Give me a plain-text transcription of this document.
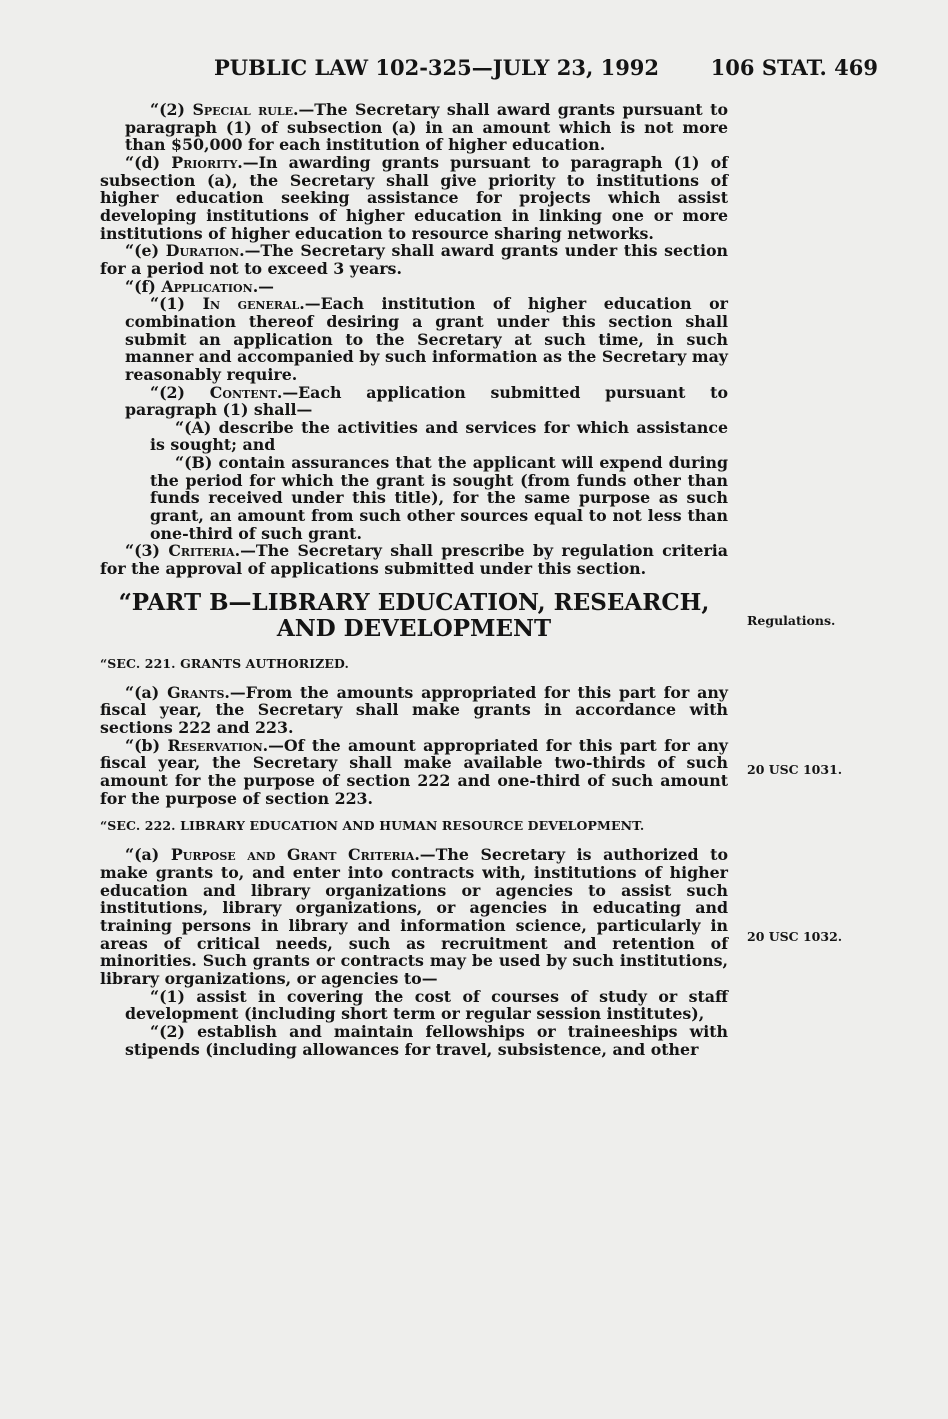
PUBLIC LAW 102-325—JULY 23, 1992 106 STAT. 469

“(2) Special rule.—The Secretary shall award grants pursuant to paragraph (1) of subsection (a) in an amount which is not more than $50,000 for each institution of higher education.

“(d) Priority.—In awarding grants pursuant to paragraph (1) of subsection (a), the Secretary shall give priority to institutions of higher education seeking assistance for projects which assist developing institutions of higher education in linking one or more institutions of higher education to resource sharing networks.

“(e) Duration.—The Secretary shall award grants under this section for a period not to exceed 3 years.

“(f) Application.—

“(1) In general.—Each institution of higher education or combination thereof desiring a grant under this section shall submit an application to the Secretary at such time, in such manner and accompanied by such information as the Secretary may reasonably require.

“(2) Content.—Each application submitted pursuant to paragraph (1) shall—

“(A) describe the activities and services for which assistance is sought; and

“(B) contain assurances that the applicant will expend during the period for which the grant is sought (from funds other than funds received under this title), for the same purpose as such grant, an amount from such other sources equal to not less than one-third of such grant.

“(3) Criteria.—The Secretary shall prescribe by regulation criteria for the approval of applications submitted under this section.

“PART B—LIBRARY EDUCATION, RESEARCH, AND DEVELOPMENT
“SEC. 221. GRANTS AUTHORIZED.

“(a) Grants.—From the amounts appropriated for this part for any fiscal year, the Secretary shall make grants in accordance with sections 222 and 223.

“(b) Reservation.—Of the amount appropriated for this part for any fiscal year, the Secretary shall make available two-thirds of such amount for the purpose of section 222 and one-third of such amount for the purpose of section 223.

“SEC. 222. LIBRARY EDUCATION AND HUMAN RESOURCE DEVELOPMENT.

“(a) Purpose and Grant Criteria.—The Secretary is authorized to make grants to, and enter into contracts with, institutions of higher education and library organizations or agencies to assist such institutions, library organizations, or agencies in educating and training persons in library and information science, particularly in areas of critical needs, such as recruitment and retention of minorities. Such grants or contracts may be used by such institutions, library organizations, or agencies to—

“(1) assist in covering the cost of courses of study or staff development (including short term or regular session institutes),

“(2) establish and maintain fellowships or traineeships with stipends (including allowances for travel, subsistence, and other

Regulations.
20 USC 1031.
20 USC 1032.
